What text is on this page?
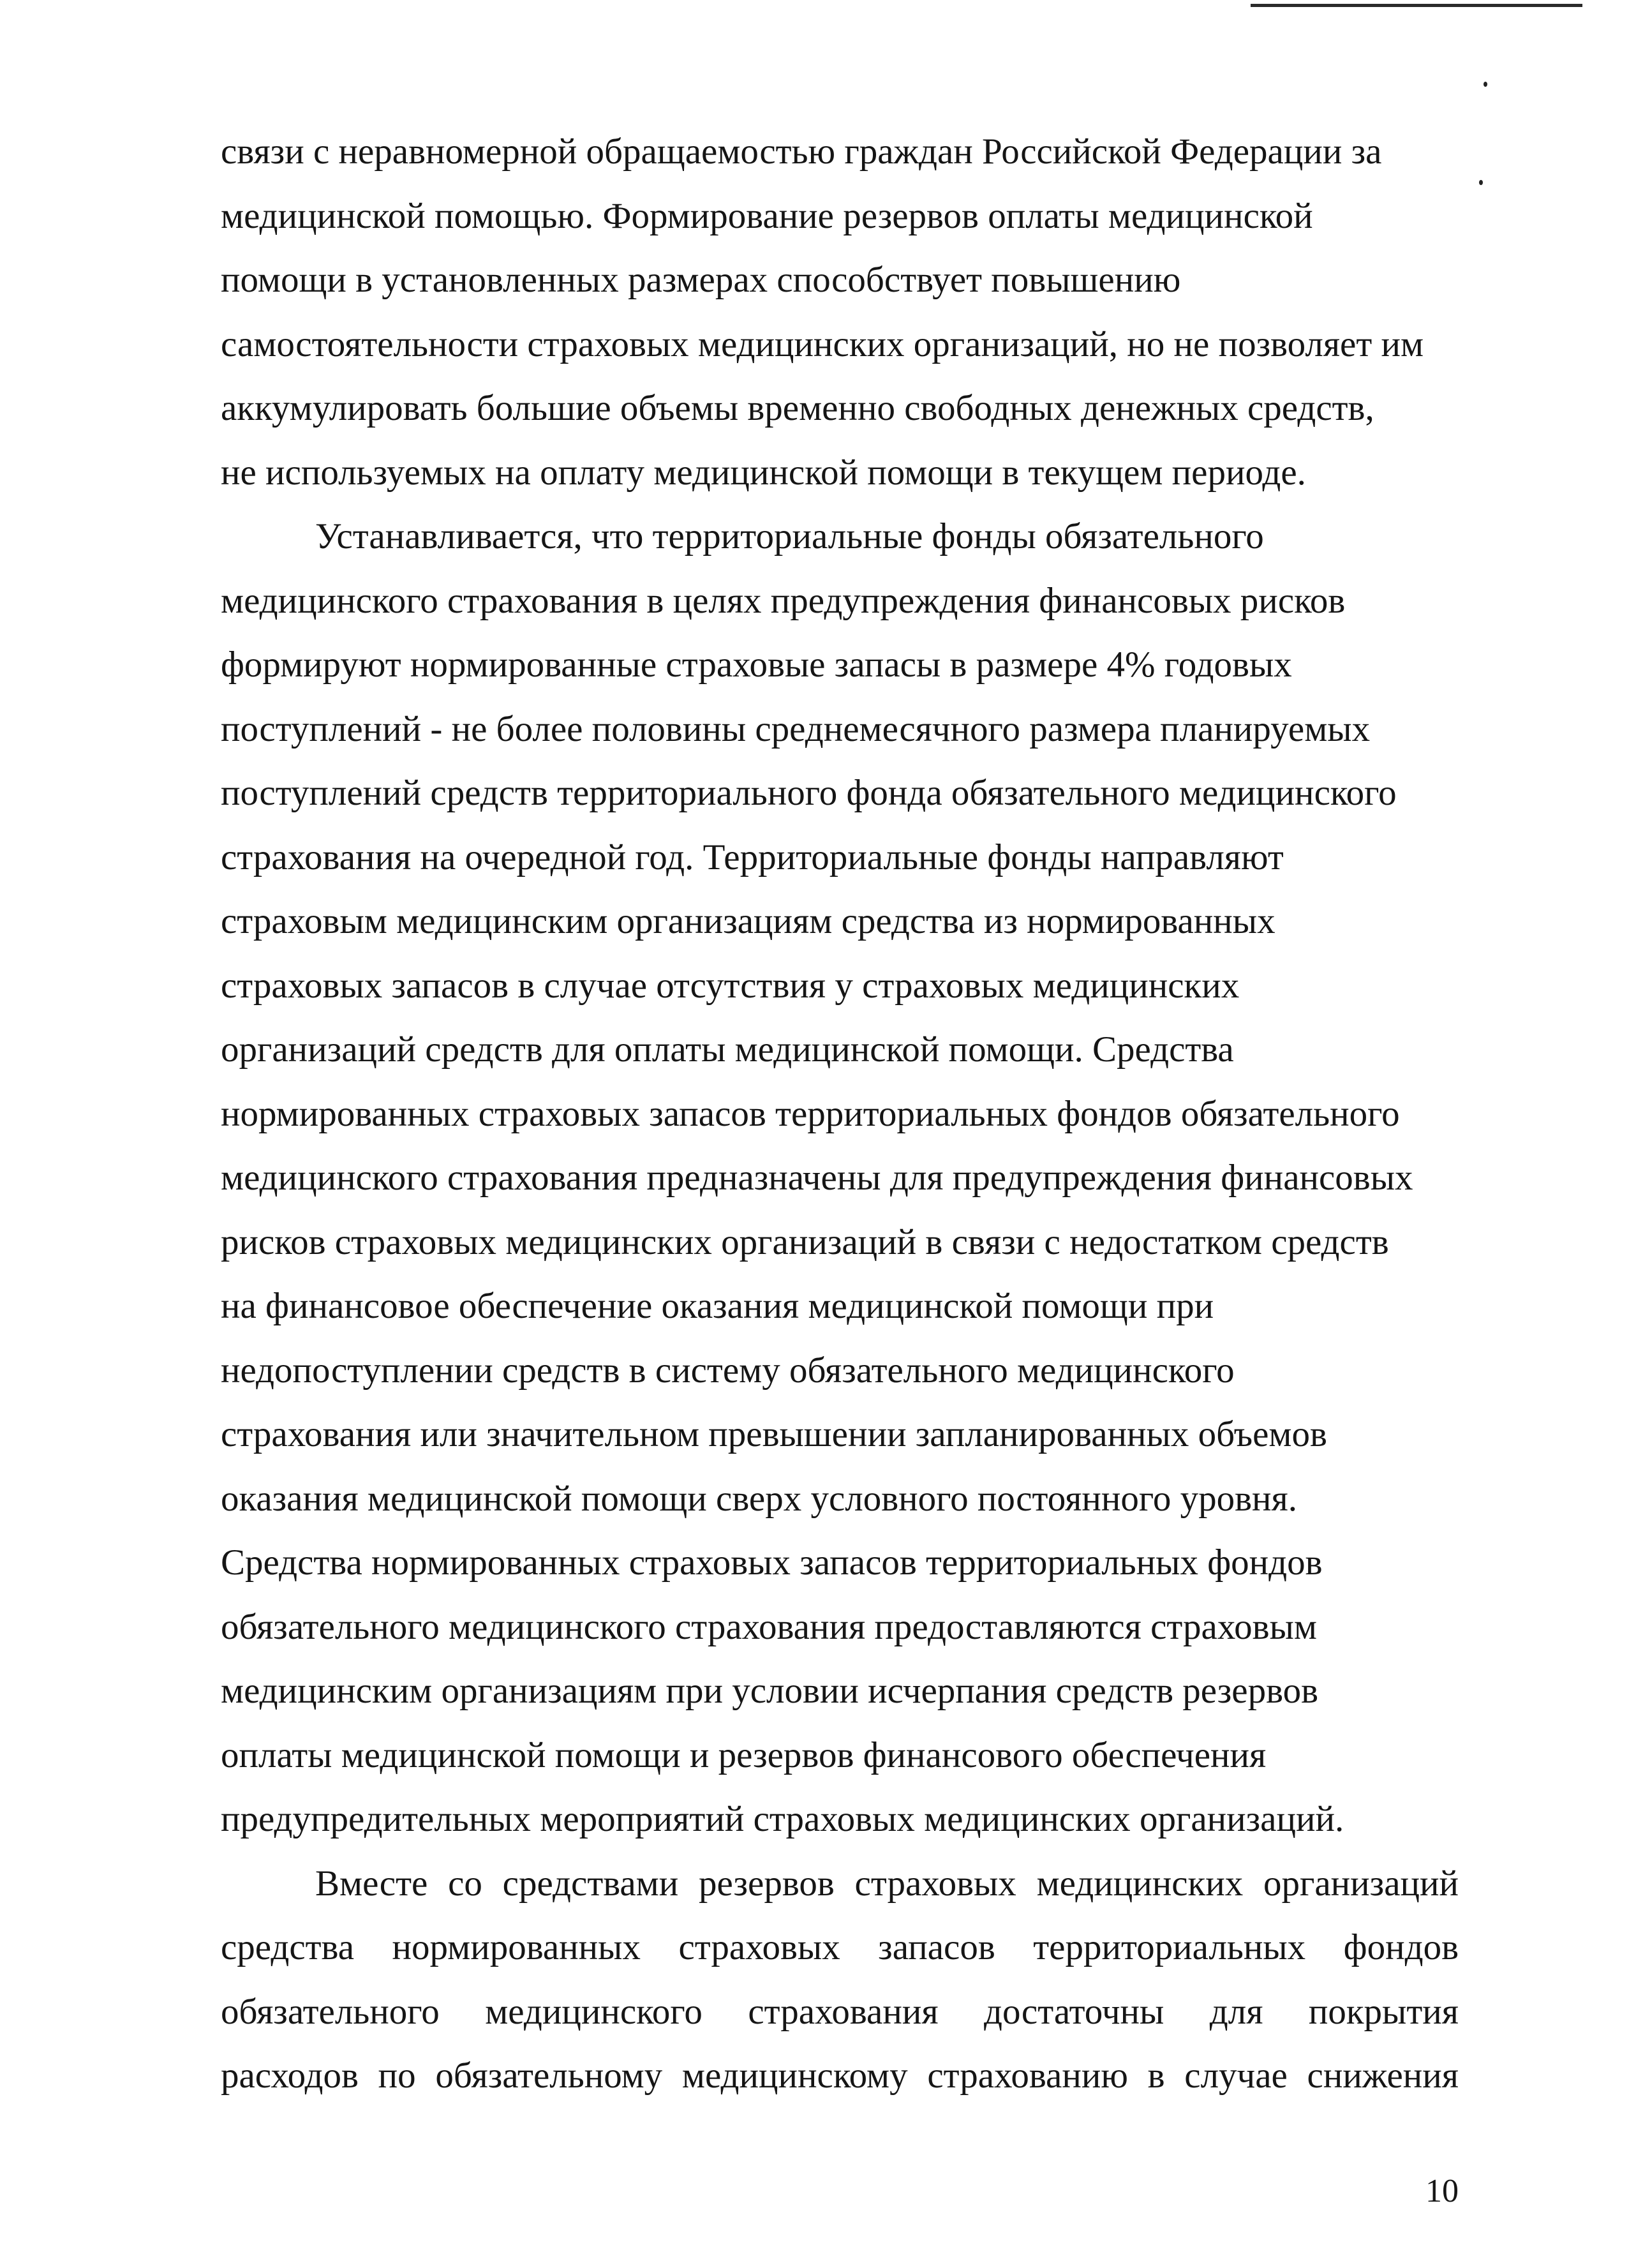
связи с неравномерной обращаемостью граждан Российской Федерации за
медицинской помощью. Формирование резервов оплаты медицинской
помощи в установленных размерах способствует повышению
самостоятельности страховых медицинских организаций, но не позволяет им
аккумулировать большие объемы временно свободных денежных средств,
не используемых на оплату медицинской помощи в текущем периоде.

Устанавливается, что территориальные фонды обязательного
медицинского страхования в целях предупреждения финансовых рисков
формируют нормированные страховые запасы в размере 4% годовых
поступлений - не более половины среднемесячного размера планируемых
поступлений средств территориального фонда обязательного медицинского
страхования на очередной год. Территориальные фонды направляют
страховым медицинским организациям средства из нормированных
страховых запасов в случае отсутствия у страховых медицинских
организаций средств для оплаты медицинской помощи. Средства
нормированных страховых запасов территориальных фондов обязательного
медицинского страхования предназначены для предупреждения финансовых
рисков страховых медицинских организаций в связи с недостатком средств
на финансовое обеспечение оказания медицинской помощи при
недопоступлении средств в систему обязательного медицинского
страхования или значительном превышении запланированных объемов
оказания медицинской помощи сверх условного постоянного уровня.
Средства нормированных страховых запасов территориальных фондов
обязательного медицинского страхования предоставляются страховым
медицинским организациям при условии исчерпания средств резервов
оплаты медицинской помощи и резервов финансового обеспечения
предупредительных мероприятий страховых медицинских организаций.

Вместе со средствами резервов страховых медицинских организаций
средства нормированных страховых запасов территориальных фондов
обязательного медицинского страхования достаточны для покрытия
расходов по обязательному медицинскому страхованию в случае снижения

10
